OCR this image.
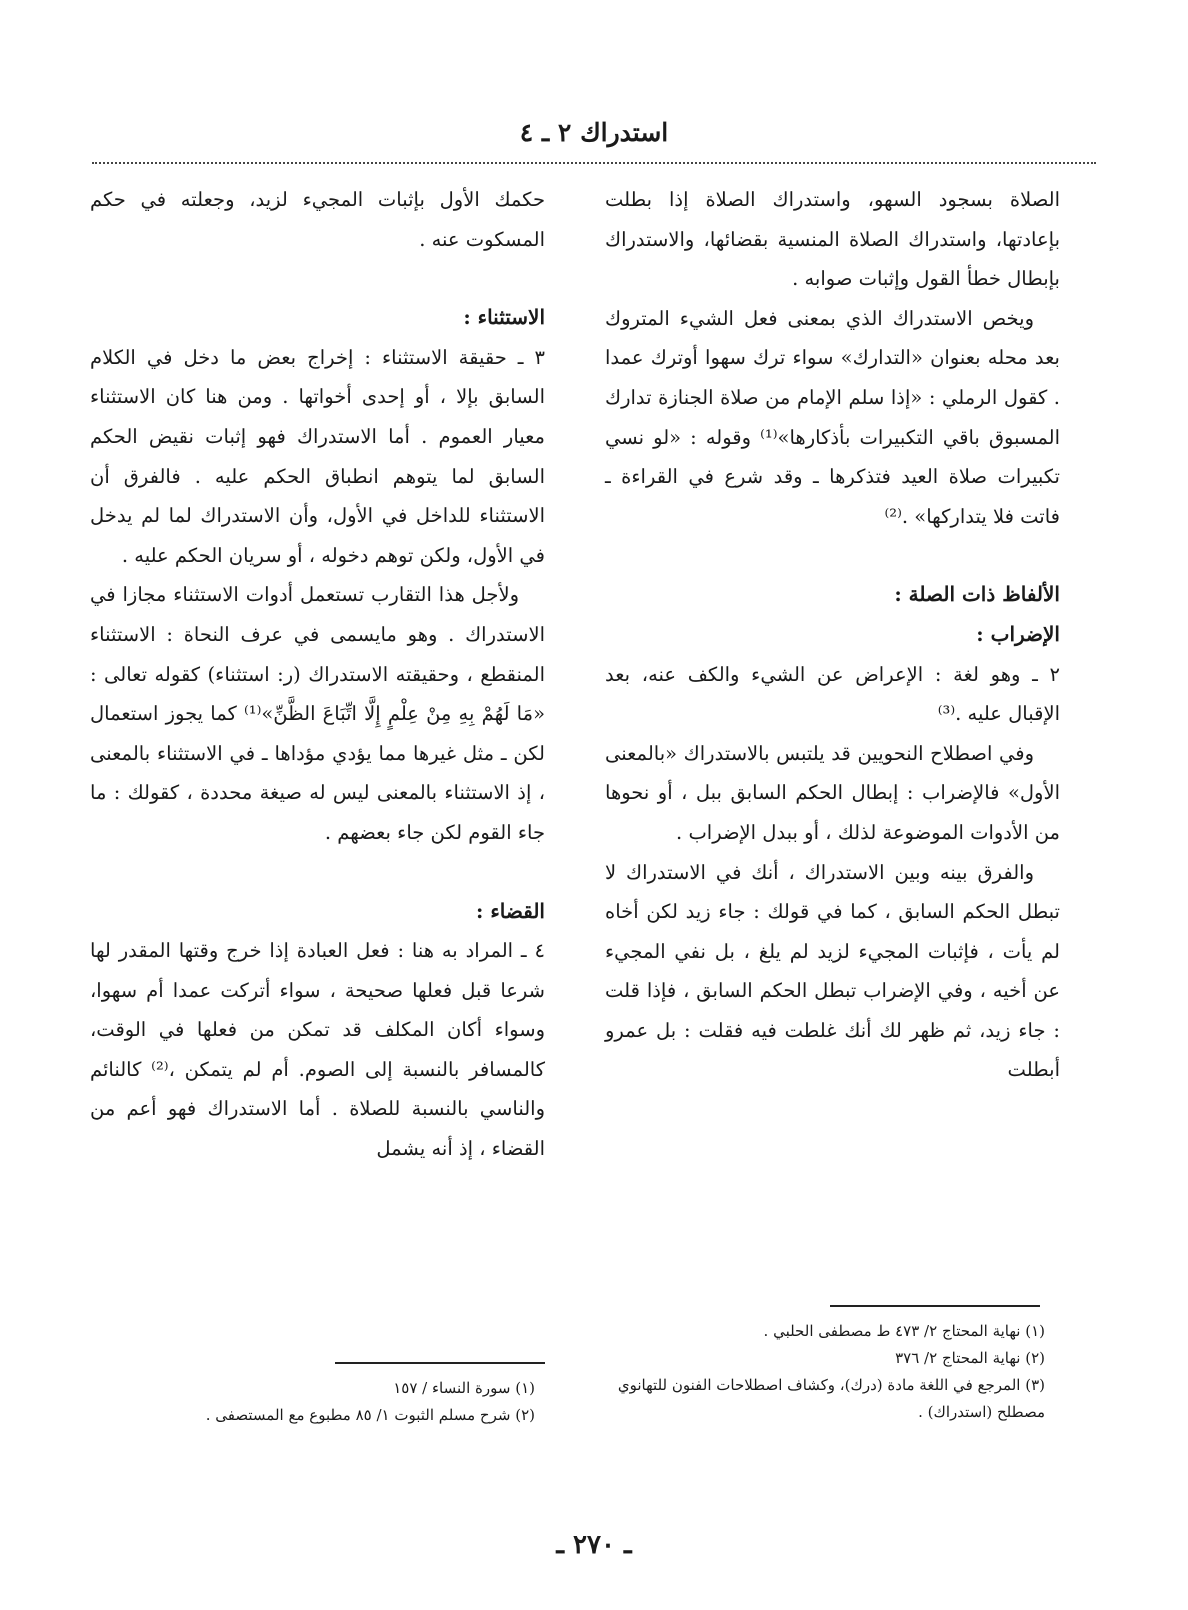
استدراك ٢ ـ ٤

الصلاة بسجود السهو، واستدراك الصلاة إذا بطلت بإعادتها، واستدراك الصلاة المنسية بقضائها، والاستدراك بإبطال خطأ القول وإثبات صوابه .

ويخص الاستدراك الذي بمعنى فعل الشيء المتروك بعد محله بعنوان «التدارك» سواء ترك سهوا أوترك عمدا . كقول الرملي : «إذا سلم الإمام من صلاة الجنازة تدارك المسبوق باقي التكبيرات بأذكارها»⁽¹⁾ وقوله : «لو نسي تكبيرات صلاة العيد فتذكرها ـ وقد شرع في القراءة ـ فاتت فلا يتداركها» .⁽²⁾

الألفاظ ذات الصلة :
الإضراب :

٢ ـ وهو لغة : الإعراض عن الشيء والكف عنه، بعد الإقبال عليه .⁽³⁾

وفي اصطلاح النحويين قد يلتبس بالاستدراك «بالمعنى الأول» فالإضراب : إبطال الحكم السابق ببل ، أو نحوها من الأدوات الموضوعة لذلك ، أو ببدل الإضراب .

والفرق بينه وبين الاستدراك ، أنك في الاستدراك لا تبطل الحكم السابق ، كما في قولك : جاء زيد لكن أخاه لم يأت ، فإثبات المجيء لزيد لم يلغ ، بل نفي المجيء عن أخيه ، وفي الإضراب تبطل الحكم السابق ، فإذا قلت : جاء زيد، ثم ظهر لك أنك غلطت فيه فقلت : بل عمرو أبطلت

حكمك الأول بإثبات المجيء لزيد، وجعلته في حكم المسكوت عنه .

الاستثناء :

٣ ـ حقيقة الاستثناء : إخراج بعض ما دخل في الكلام السابق بإلا ، أو إحدى أخواتها . ومن هنا كان الاستثناء معيار العموم . أما الاستدراك فهو إثبات نقيض الحكم السابق لما يتوهم انطباق الحكم عليه . فالفرق أن الاستثناء للداخل في الأول، وأن الاستدراك لما لم يدخل في الأول، ولكن توهم دخوله ، أو سريان الحكم عليه .

ولأجل هذا التقارب تستعمل أدوات الاستثناء مجازا في الاستدراك . وهو مايسمى في عرف النحاة : الاستثناء المنقطع ، وحقيقته الاستدراك (ر: استثناء) كقوله تعالى : «مَا لَهُمْ بِهِ مِنْ عِلْمٍ إِلَّا اتِّبَاعَ الظَّنِّ»⁽¹⁾ كما يجوز استعمال لكن ـ مثل غيرها مما يؤدي مؤداها ـ في الاستثناء بالمعنى ، إذ الاستثناء بالمعنى ليس له صيغة محددة ، كقولك : ما جاء القوم لكن جاء بعضهم .

القضاء :

٤ ـ المراد به هنا : فعل العبادة إذا خرج وقتها المقدر لها شرعا قبل فعلها صحيحة ، سواء أتركت عمدا أم سهوا، وسواء أكان المكلف قد تمكن من فعلها في الوقت، كالمسافر بالنسبة إلى الصوم. أم لم يتمكن ،⁽²⁾ كالنائم والناسي بالنسبة للصلاة . أما الاستدراك فهو أعم من القضاء ، إذ أنه يشمل

(١) نهاية المحتاج ٢/ ٤٧٣ ط مصطفى الحلبي .
(٢) نهاية المحتاج ٢/ ٣٧٦
(٣) المرجع في اللغة مادة (درك)، وكشاف اصطلاحات الفنون للتهانوي مصطلح (استدراك) .
(١) سورة النساء / ١٥٧
(٢) شرح مسلم الثبوت ١/ ٨٥ مطبوع مع المستصفى .
ـ ٢٧٠ ـ
